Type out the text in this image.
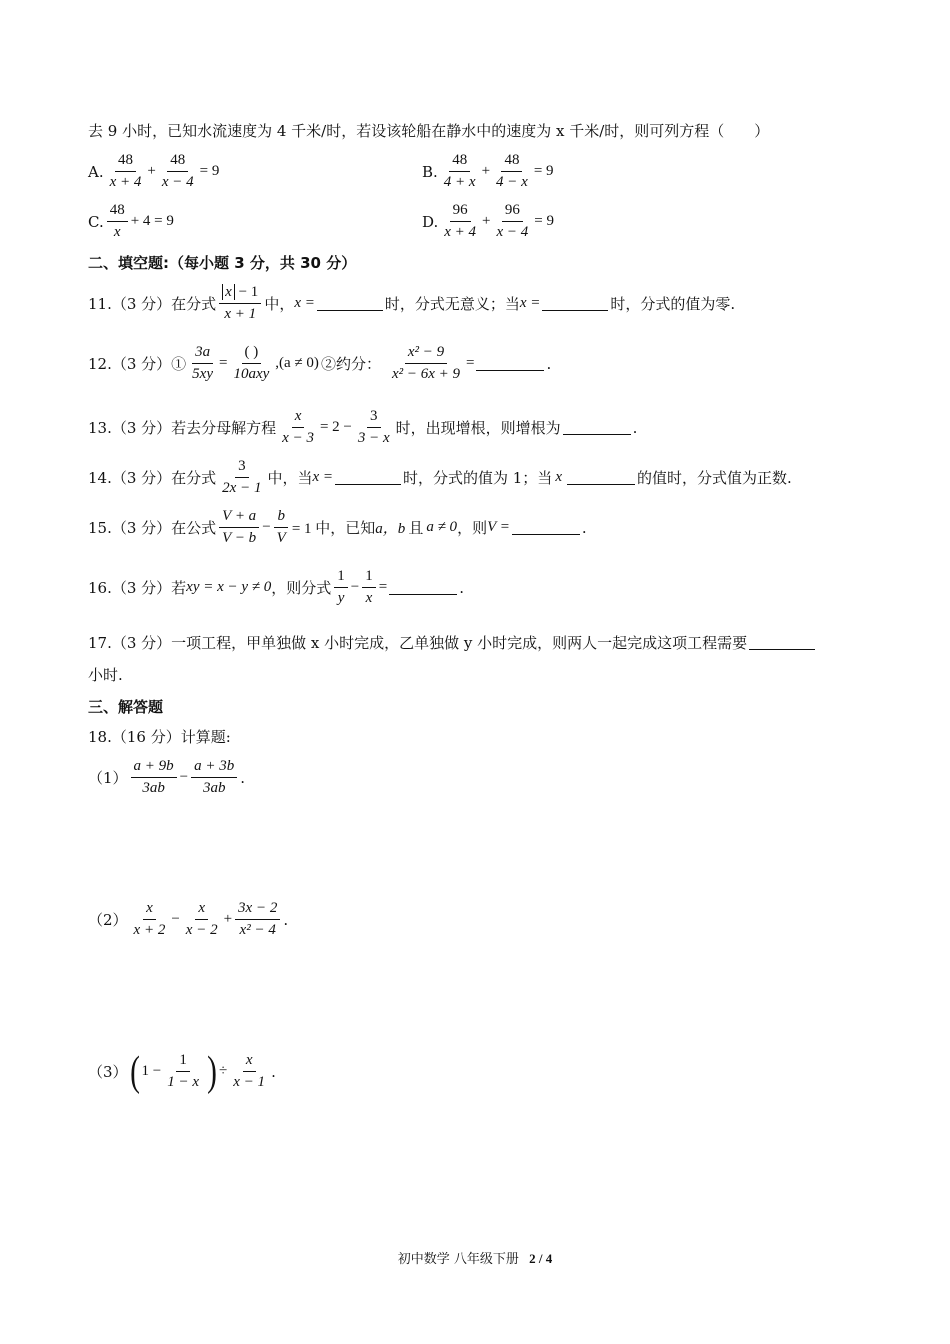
去 9 小时，已知水流速度为 4 千米/时，若设该轮船在静水中的速度为 x 千米/时，则可列方程（　　）
A. $\frac{48}{x + 4} + \frac{48}{x - 4} = 9$	B. $\frac{48}{4 + x} + \frac{48}{4 - x} = 9$
C. $\frac{48}{x} + 4 = 9$	D. $\frac{96}{x + 4} + \frac{96}{x - 4} = 9$
二、填空题:（每小题 3 分，共 30 分）
11.（3 分）在分式 $\frac{x - 1}{x + 1}$ 中， x =	时，分式无意义；当 x =	时，分式的值为零.
12.（3 分）① $\frac{3a}{5xy} = \frac{( )}{\text{10axy}} ,(a \ne 0)$ ②约分： $\frac{\text{x² − 9}}{\text{x² − 6x + 9}}$ =	.
13.（3 分）若去分母解方程 $\frac{x}{x - 3} = 2 - \frac{3}{3 - x}$ 时，出现增根，则增根为	.
14.（3 分）在分式 $\frac{3}{2x - 1}$ 中，当 x =	时，分式的值为 1；当 x	的值时，分式值为正数.
15.（3 分）在公式 $\frac{V + a}{V - b} - \frac{b}{V} = 1$ 中，已知 a，b 且 a ≠ 0 ，则 V =	.
16.（3 分）若 xy = x − y ≠ 0 ，则分式 $\frac{1}{y} - \frac{1}{x}$ =	.
17.（3 分）一项工程，甲单独做 x 小时完成，乙单独做 y 小时完成，则两人一起完成这项工程需要
小时.
三、解答题
18.（16 分）计算题:
$(1) \frac{a + 9b}{3ab} - \frac{a + 3b}{3ab}$ .
$(2) \frac{x}{x + 2} - \frac{x}{x - 2} + \frac{3x - 2}{\text{x² − 4}}$ .
（3） ( $1 - \frac{1}{1 - x}$ ) ÷ $\frac{x}{x - 1}$ .
初中数学 八年级下册 2 / 4
